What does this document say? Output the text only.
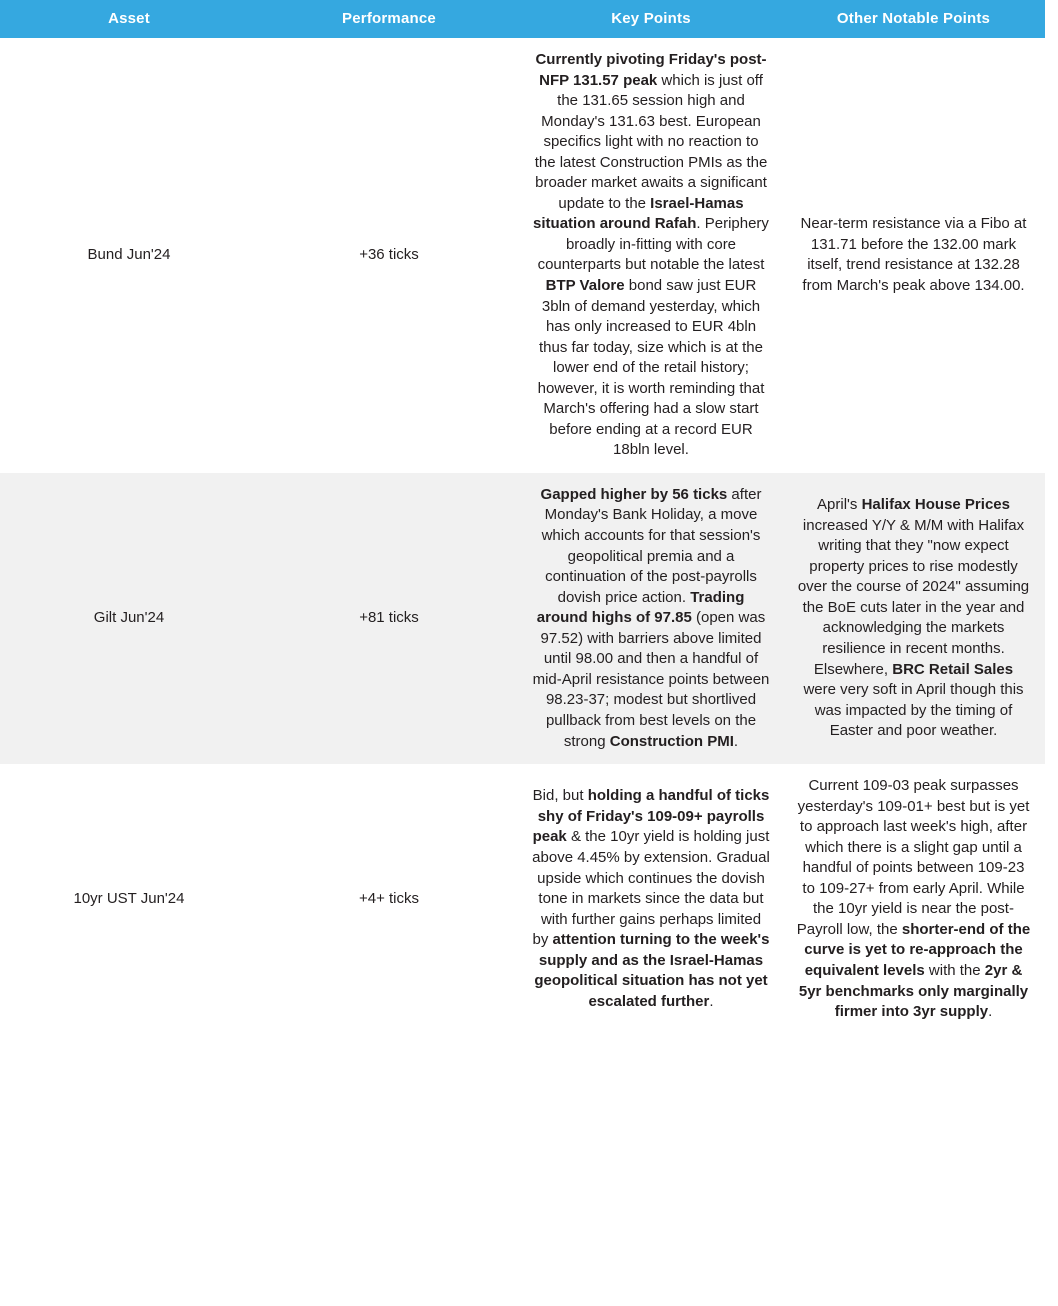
Asset	Performance	Key Points	Other Notable Points
Bund Jun'24	+36 ticks	Currently pivoting Friday's post-NFP 131.57 peak which is just off the 131.65 session high and Monday's 131.63 best. European specifics light with no reaction to the latest Construction PMIs as the broader market awaits a significant update to the Israel-Hamas situation around Rafah. Periphery broadly in-fitting with core counterparts but notable the latest BTP Valore bond saw just EUR 3bln of demand yesterday, which has only increased to EUR 4bln thus far today, size which is at the lower end of the retail history; however, it is worth reminding that March's offering had a slow start before ending at a record EUR 18bln level.	Near-term resistance via a Fibo at 131.71 before the 132.00 mark itself, trend resistance at 132.28 from March's peak above 134.00.
Gilt Jun'24	+81 ticks	Gapped higher by 56 ticks after Monday's Bank Holiday, a move which accounts for that session's geopolitical premia and a continuation of the post-payrolls dovish price action. Trading around highs of 97.85 (open was 97.52) with barriers above limited until 98.00 and then a handful of mid-April resistance points between 98.23-37; modest but shortlived pullback from best levels on the strong Construction PMI.	April's Halifax House Prices increased Y/Y & M/M with Halifax writing that they "now expect property prices to rise modestly over the course of 2024" assuming the BoE cuts later in the year and acknowledging the markets resilience in recent months. Elsewhere, BRC Retail Sales were very soft in April though this was impacted by the timing of Easter and poor weather.
10yr UST Jun'24	+4+ ticks	Bid, but holding a handful of ticks shy of Friday's 109-09+ payrolls peak & the 10yr yield is holding just above 4.45% by extension. Gradual upside which continues the dovish tone in markets since the data but with further gains perhaps limited by attention turning to the week's supply and as the Israel-Hamas geopolitical situation has not yet escalated further.	Current 109-03 peak surpasses yesterday's 109-01+ best but is yet to approach last week's high, after which there is a slight gap until a handful of points between 109-23 to 109-27+ from early April. While the 10yr yield is near the post-Payroll low, the shorter-end of the curve is yet to re-approach the equivalent levels with the 2yr & 5yr benchmarks only marginally firmer into 3yr supply.
